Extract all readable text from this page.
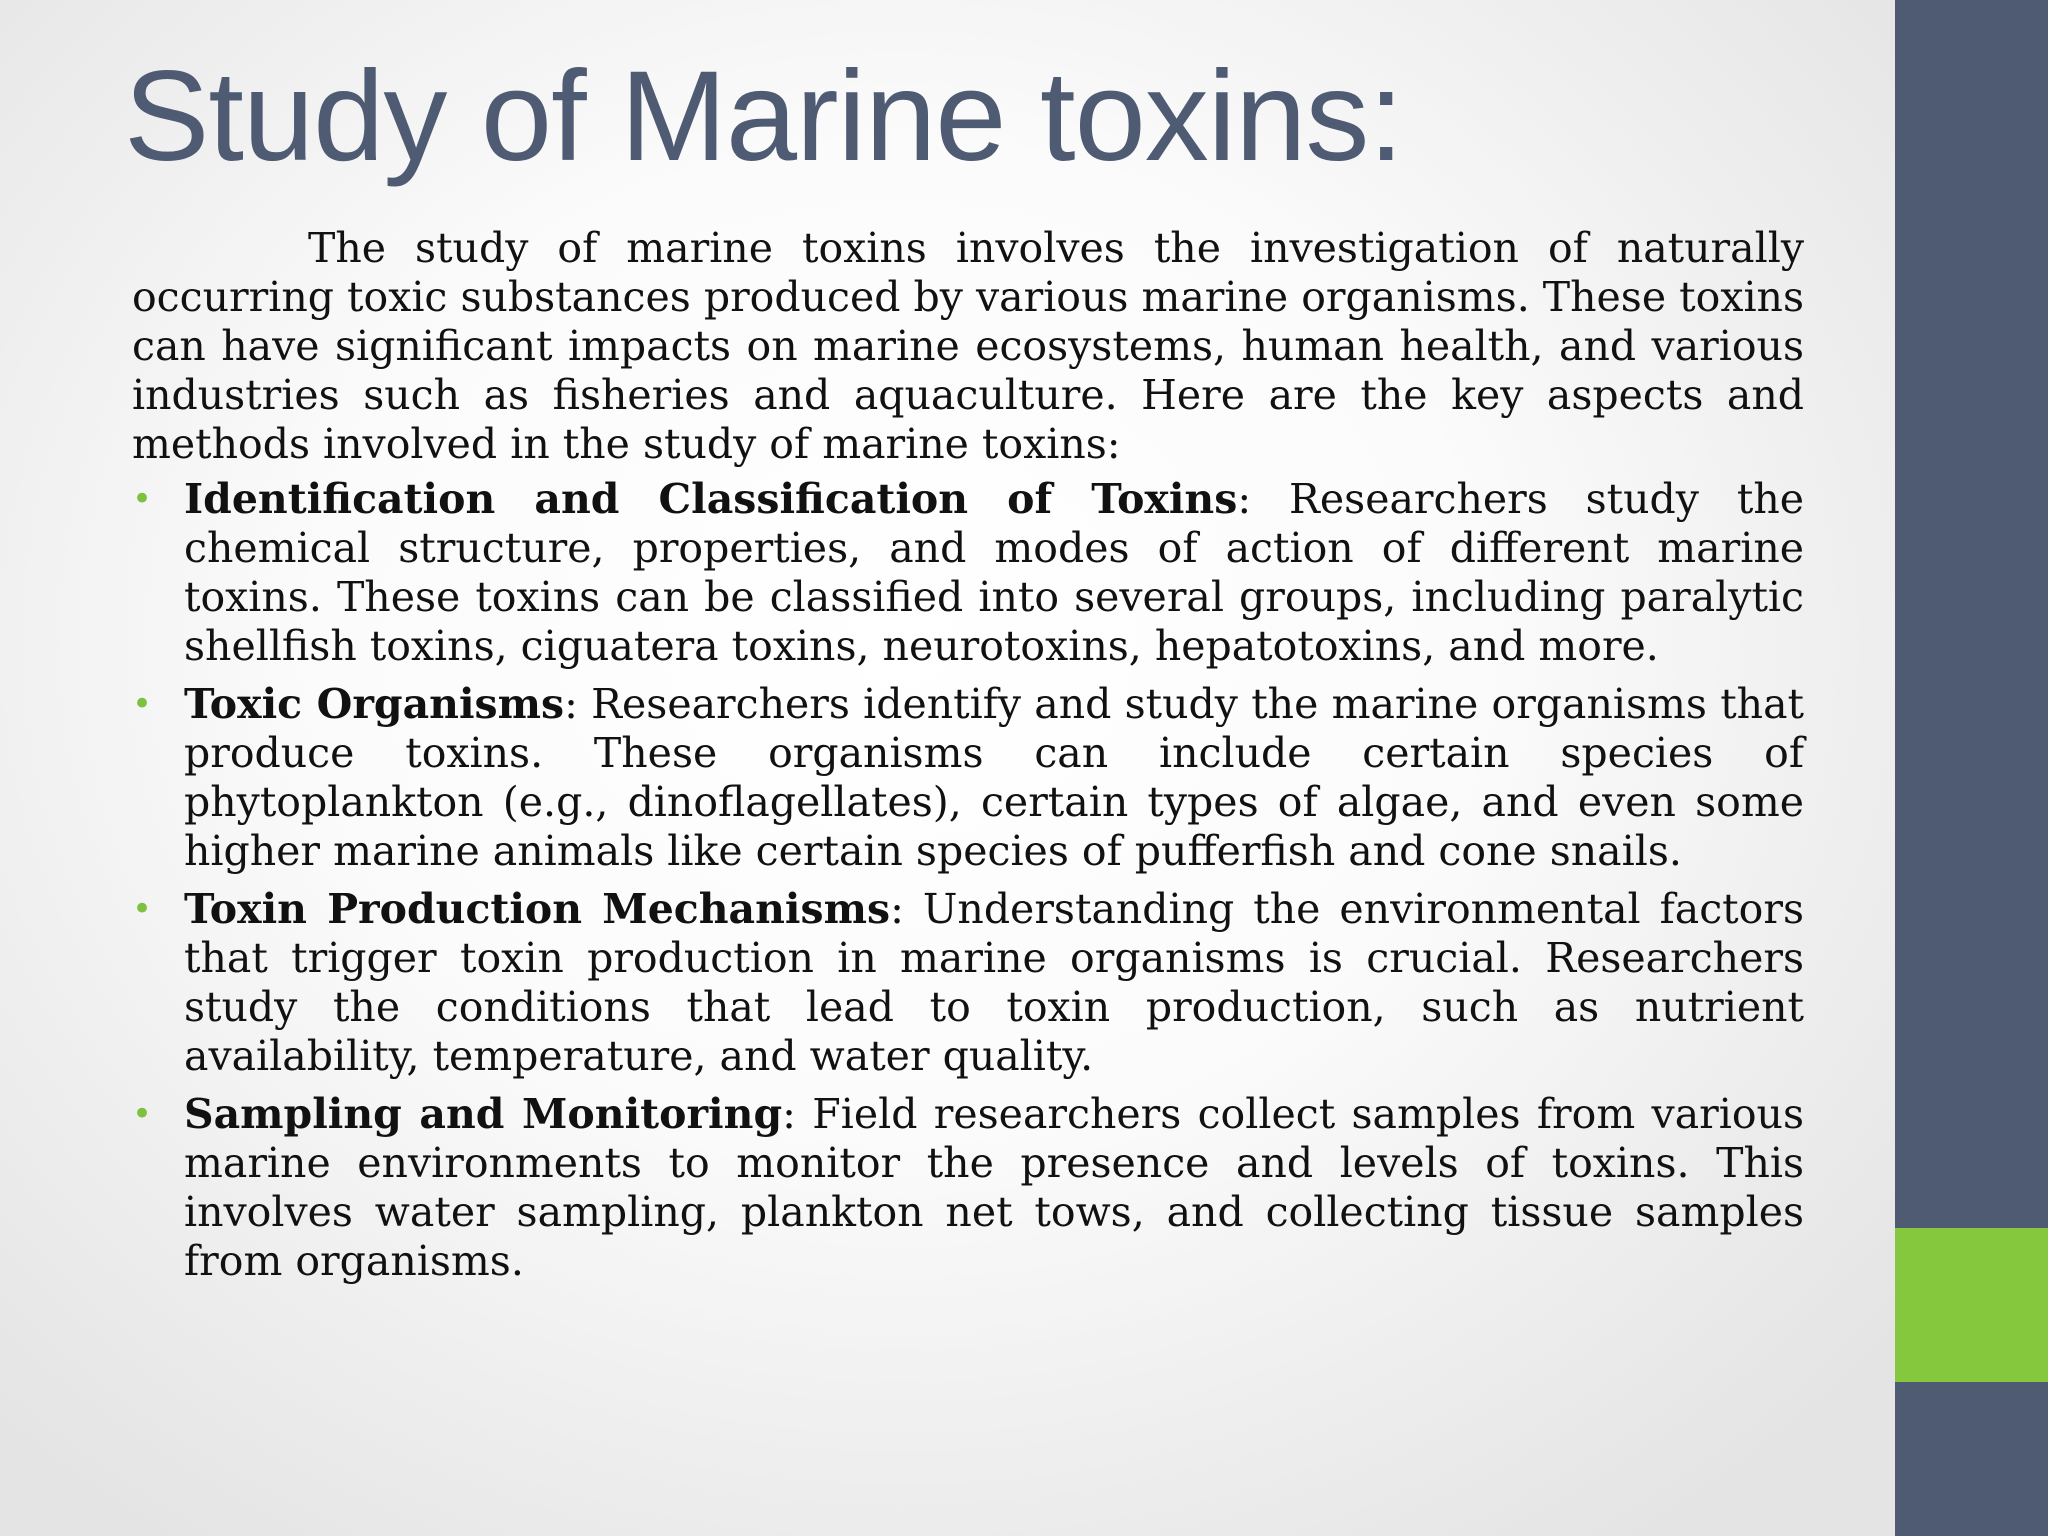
Study of Marine toxins:

The study of marine toxins involves the investigation of naturally occurring toxic substances produced by various marine organisms. These toxins can have significant impacts on marine ecosystems, human health, and various industries such as fisheries and aquaculture. Here are the key aspects and methods involved in the study of marine toxins:

• Identification and Classification of Toxins: Researchers study the chemical structure, properties, and modes of action of different marine toxins. These toxins can be classified into several groups, including paralytic shellfish toxins, ciguatera toxins, neurotoxins, hepatotoxins, and more.
• Toxic Organisms: Researchers identify and study the marine organisms that produce toxins. These organisms can include certain species of phytoplankton (e.g., dinoflagellates), certain types of algae, and even some higher marine animals like certain species of pufferfish and cone snails.
• Toxin Production Mechanisms: Understanding the environmental factors that trigger toxin production in marine organisms is crucial. Researchers study the conditions that lead to toxin production, such as nutrient availability, temperature, and water quality.
• Sampling and Monitoring: Field researchers collect samples from various marine environments to monitor the presence and levels of toxins. This involves water sampling, plankton net tows, and collecting tissue samples from organisms.
